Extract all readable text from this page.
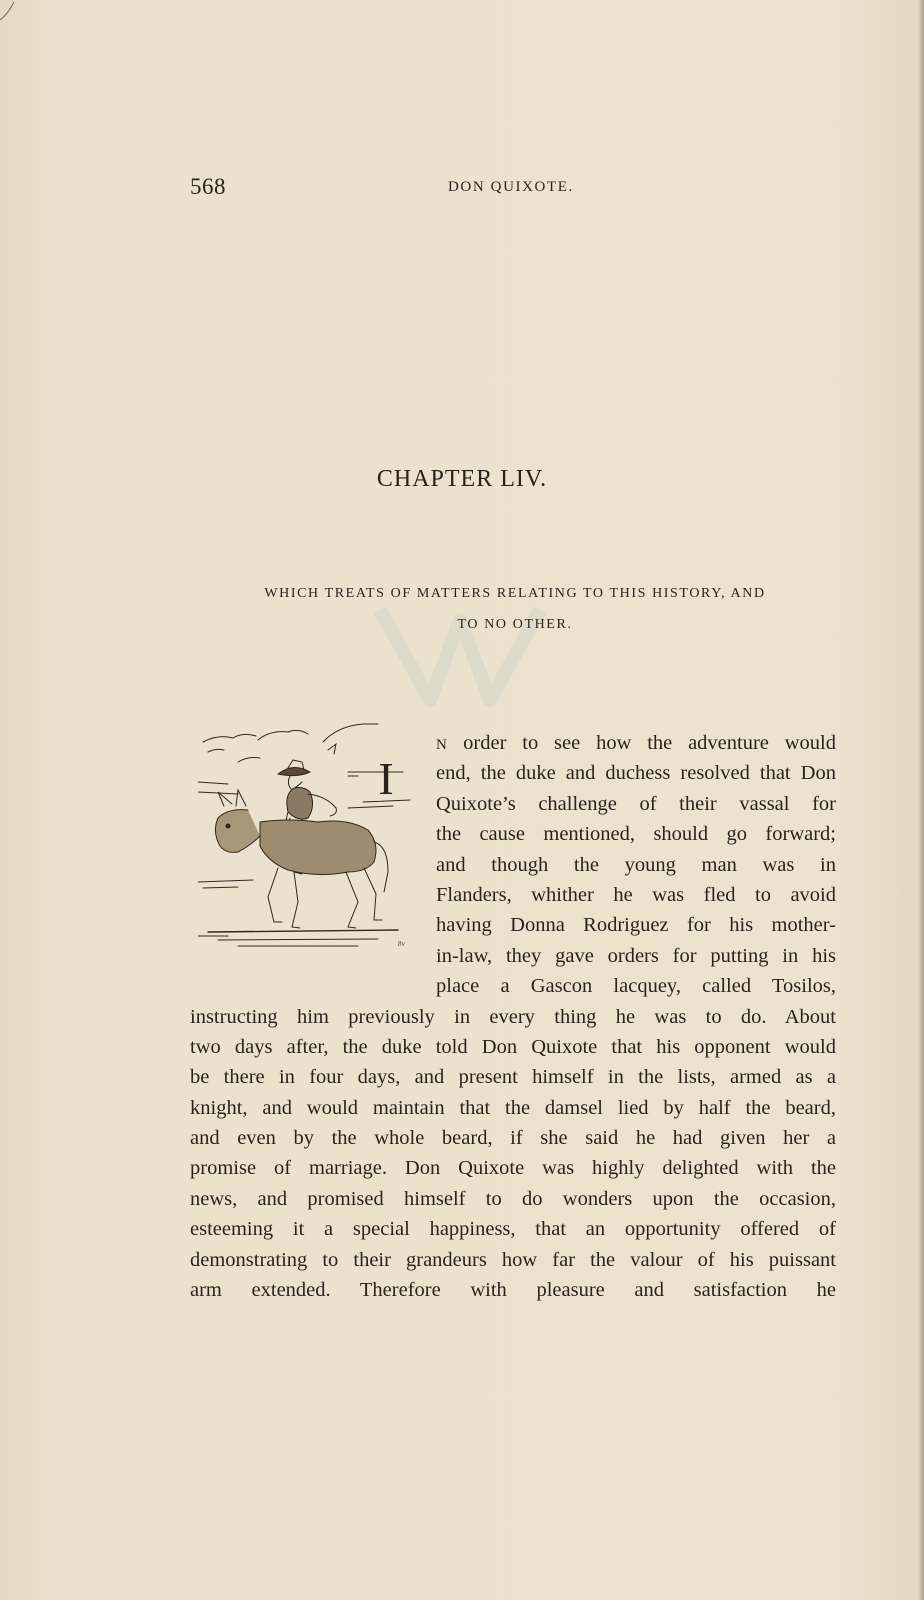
568	DON QUIXOTE.
CHAPTER LIV.
WHICH TREATS OF MATTERS RELATING TO THIS HISTORY, AND
TO NO OTHER.
I
8v
N order to see how the adventure would
end, the duke and duchess resolved that Don
Quixote’s challenge of their vassal for
the cause mentioned, should go forward;
and though the young man was in
Flanders, whither he was fled to avoid
having Donna Rodriguez for his mother-
in-law, they gave orders for putting in his
place a Gascon lacquey, called Tosilos,
instructing him previously in every thing he was to do. About
two days after, the duke told Don Quixote that his opponent would
be there in four days, and present himself in the lists, armed as a
knight, and would maintain that the damsel lied by half the beard,
and even by the whole beard, if she said he had given her a
promise of marriage. Don Quixote was highly delighted with the
news, and promised himself to do wonders upon the occasion,
esteeming it a special happiness, that an opportunity offered of
demonstrating to their grandeurs how far the valour of his puissant
arm extended. Therefore with pleasure and satisfaction he
